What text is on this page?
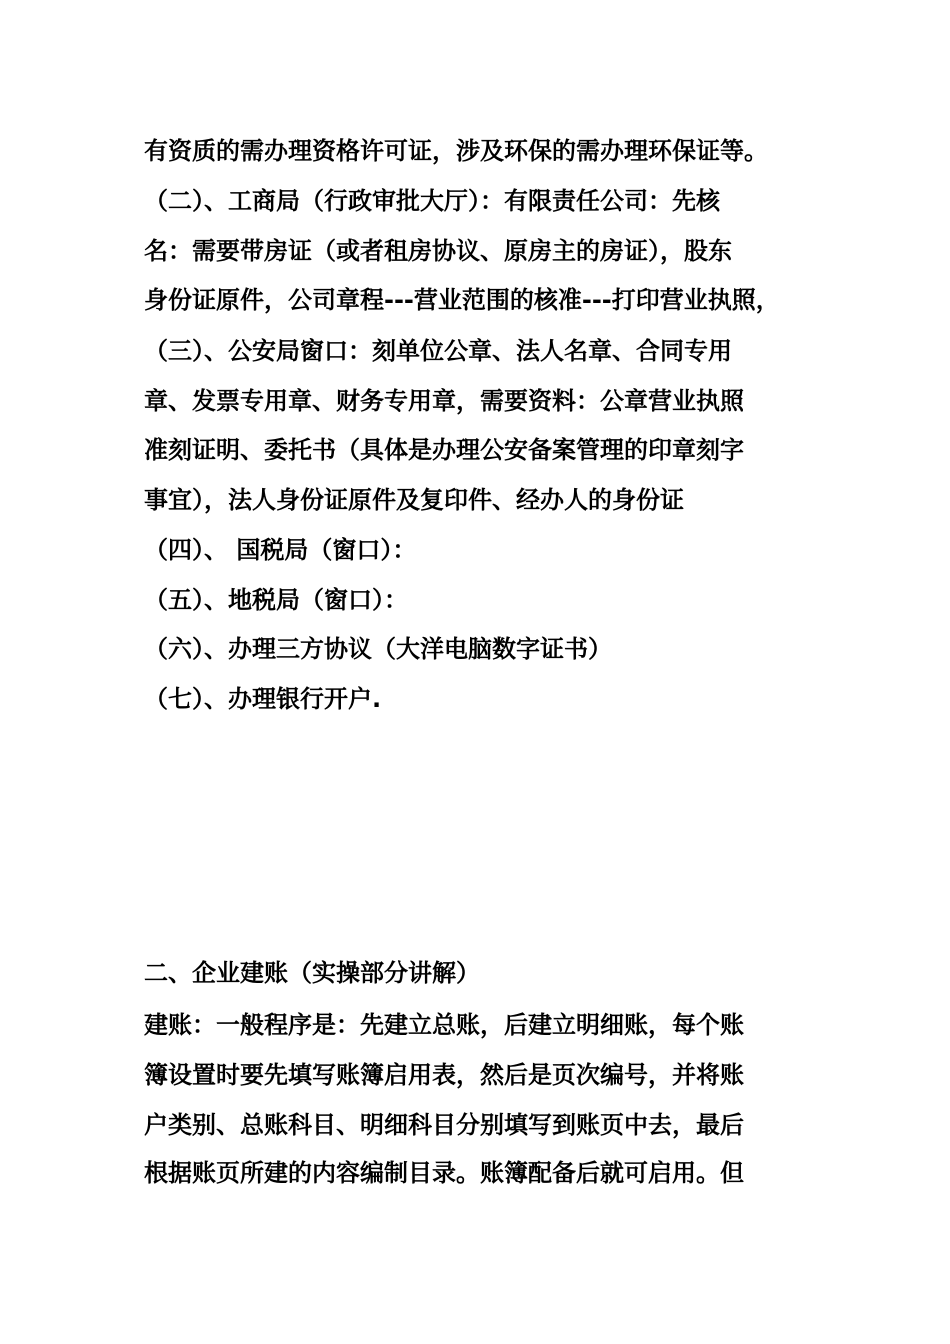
有资质的需办理资格许可证，涉及环保的需办理环保证等。
（二）、工商局（行政审批大厅）：有限责任公司：先核
名：需要带房证（或者租房协议、原房主的房证），股东
身份证原件，公司章程---营业范围的核准---打印营业执照，
（三）、公安局窗口：刻单位公章、法人名章、合同专用
章、发票专用章、财务专用章，需要资料：公章营业执照
准刻证明、委托书（具体是办理公安备案管理的印章刻字
事宜），法人身份证原件及复印件、经办人的身份证
（四）、 国税局（窗口）：
（五）、地税局（窗口）：
（六）、办理三方协议（大洋电脑数字证书）
（七）、办理银行开户.
二、企业建账（实操部分讲解）
建账：一般程序是：先建立总账，后建立明细账，每个账
簿设置时要先填写账簿启用表，然后是页次编号，并将账
户类别、总账科目、明细科目分别填写到账页中去，最后
根据账页所建的内容编制目录。账簿配备后就可启用。但
